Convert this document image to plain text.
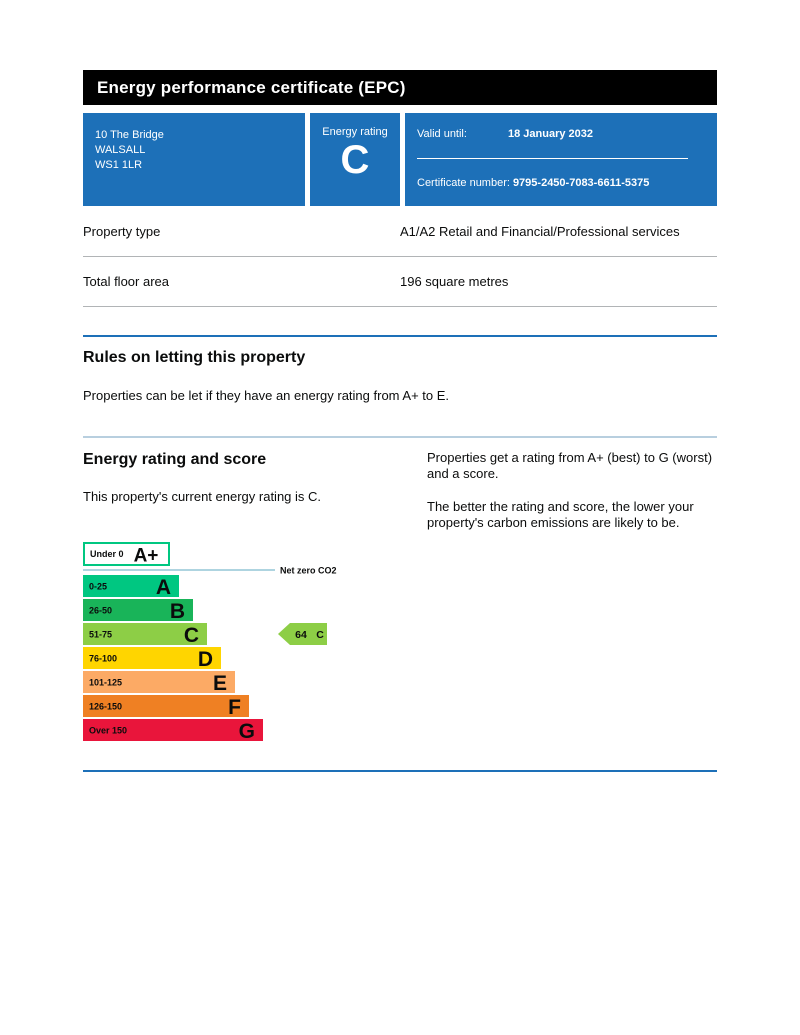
Energy performance certificate (EPC)
10 The Bridge
WALSALL
WS1 1LR
Energy rating
C
Valid until:	18 January 2032
Certificate number: 9795-2450-7083-6611-5375
Property type	A1/A2 Retail and Financial/Professional services
Total floor area	196 square metres
Rules on letting this property

Properties can be let if they have an energy rating from A+ to E.

Energy rating and score

This property's current energy rating is C.

Properties get a rating from A+ (best) to G (worst) and a score.

The better the rating and score, the lower your property's carbon emissions are likely to be.

Under 0 A+
Net zero CO2
0-25 A
26-50	B
51-75	C
76-100	D
101-125	E
126-150	F
Over 150	G
64 C
